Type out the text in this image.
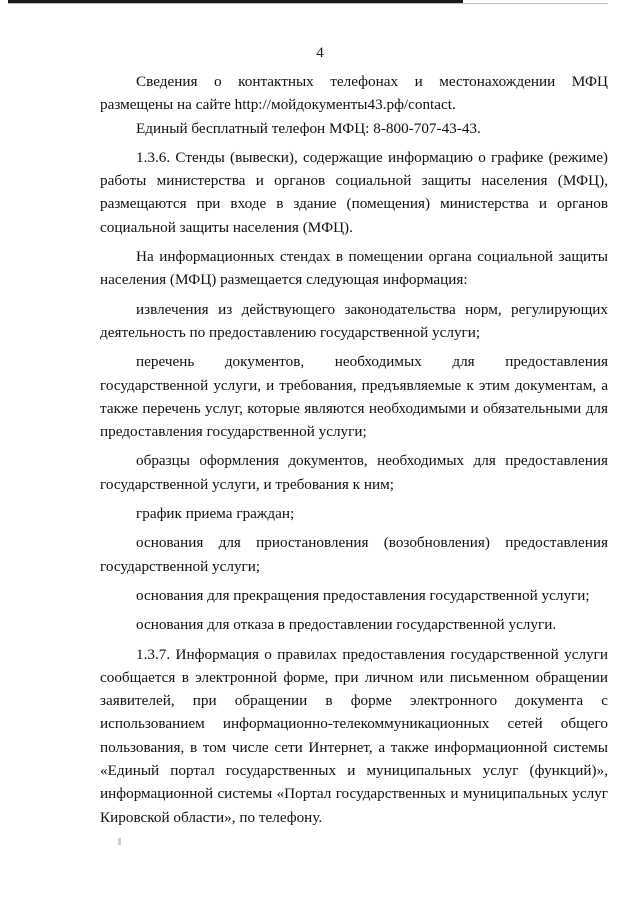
4

Сведения о контактных телефонах и местонахождении МФЦ размещены на сайте http://мойдокументы43.рф/contact.

Единый бесплатный телефон МФЦ: 8-800-707-43-43.

1.3.6. Стенды (вывески), содержащие информацию о графике (режиме) работы министерства и органов социальной защиты населения (МФЦ), размещаются при входе в здание (помещения) министерства и органов социальной защиты населения (МФЦ).

На информационных стендах в помещении органа социальной защиты населения (МФЦ) размещается следующая информация:

извлечения из действующего законодательства норм, регулирующих деятельность по предоставлению государственной услуги;

перечень документов, необходимых для предоставления государственной услуги, и требования, предъявляемые к этим документам, а также перечень услуг, которые являются необходимыми и обязательными для предоставления государственной услуги;

образцы оформления документов, необходимых для предоставления государственной услуги, и требования к ним;

график приема граждан;

основания для приостановления (возобновления) предоставления государственной услуги;

основания для прекращения предоставления государственной услуги;

основания для отказа в предоставлении государственной услуги.

1.3.7. Информация о правилах предоставления государственной услуги сообщается в электронной форме, при личном или письменном обращении заявителей, при обращении в форме электронного документа с использованием информационно-телекоммуникационных сетей общего пользования, в том числе сети Интернет, а также информационной системы «Единый портал государственных и муниципальных услуг (функций)», информационной системы «Портал государственных и муниципальных услуг Кировской области», по телефону.
